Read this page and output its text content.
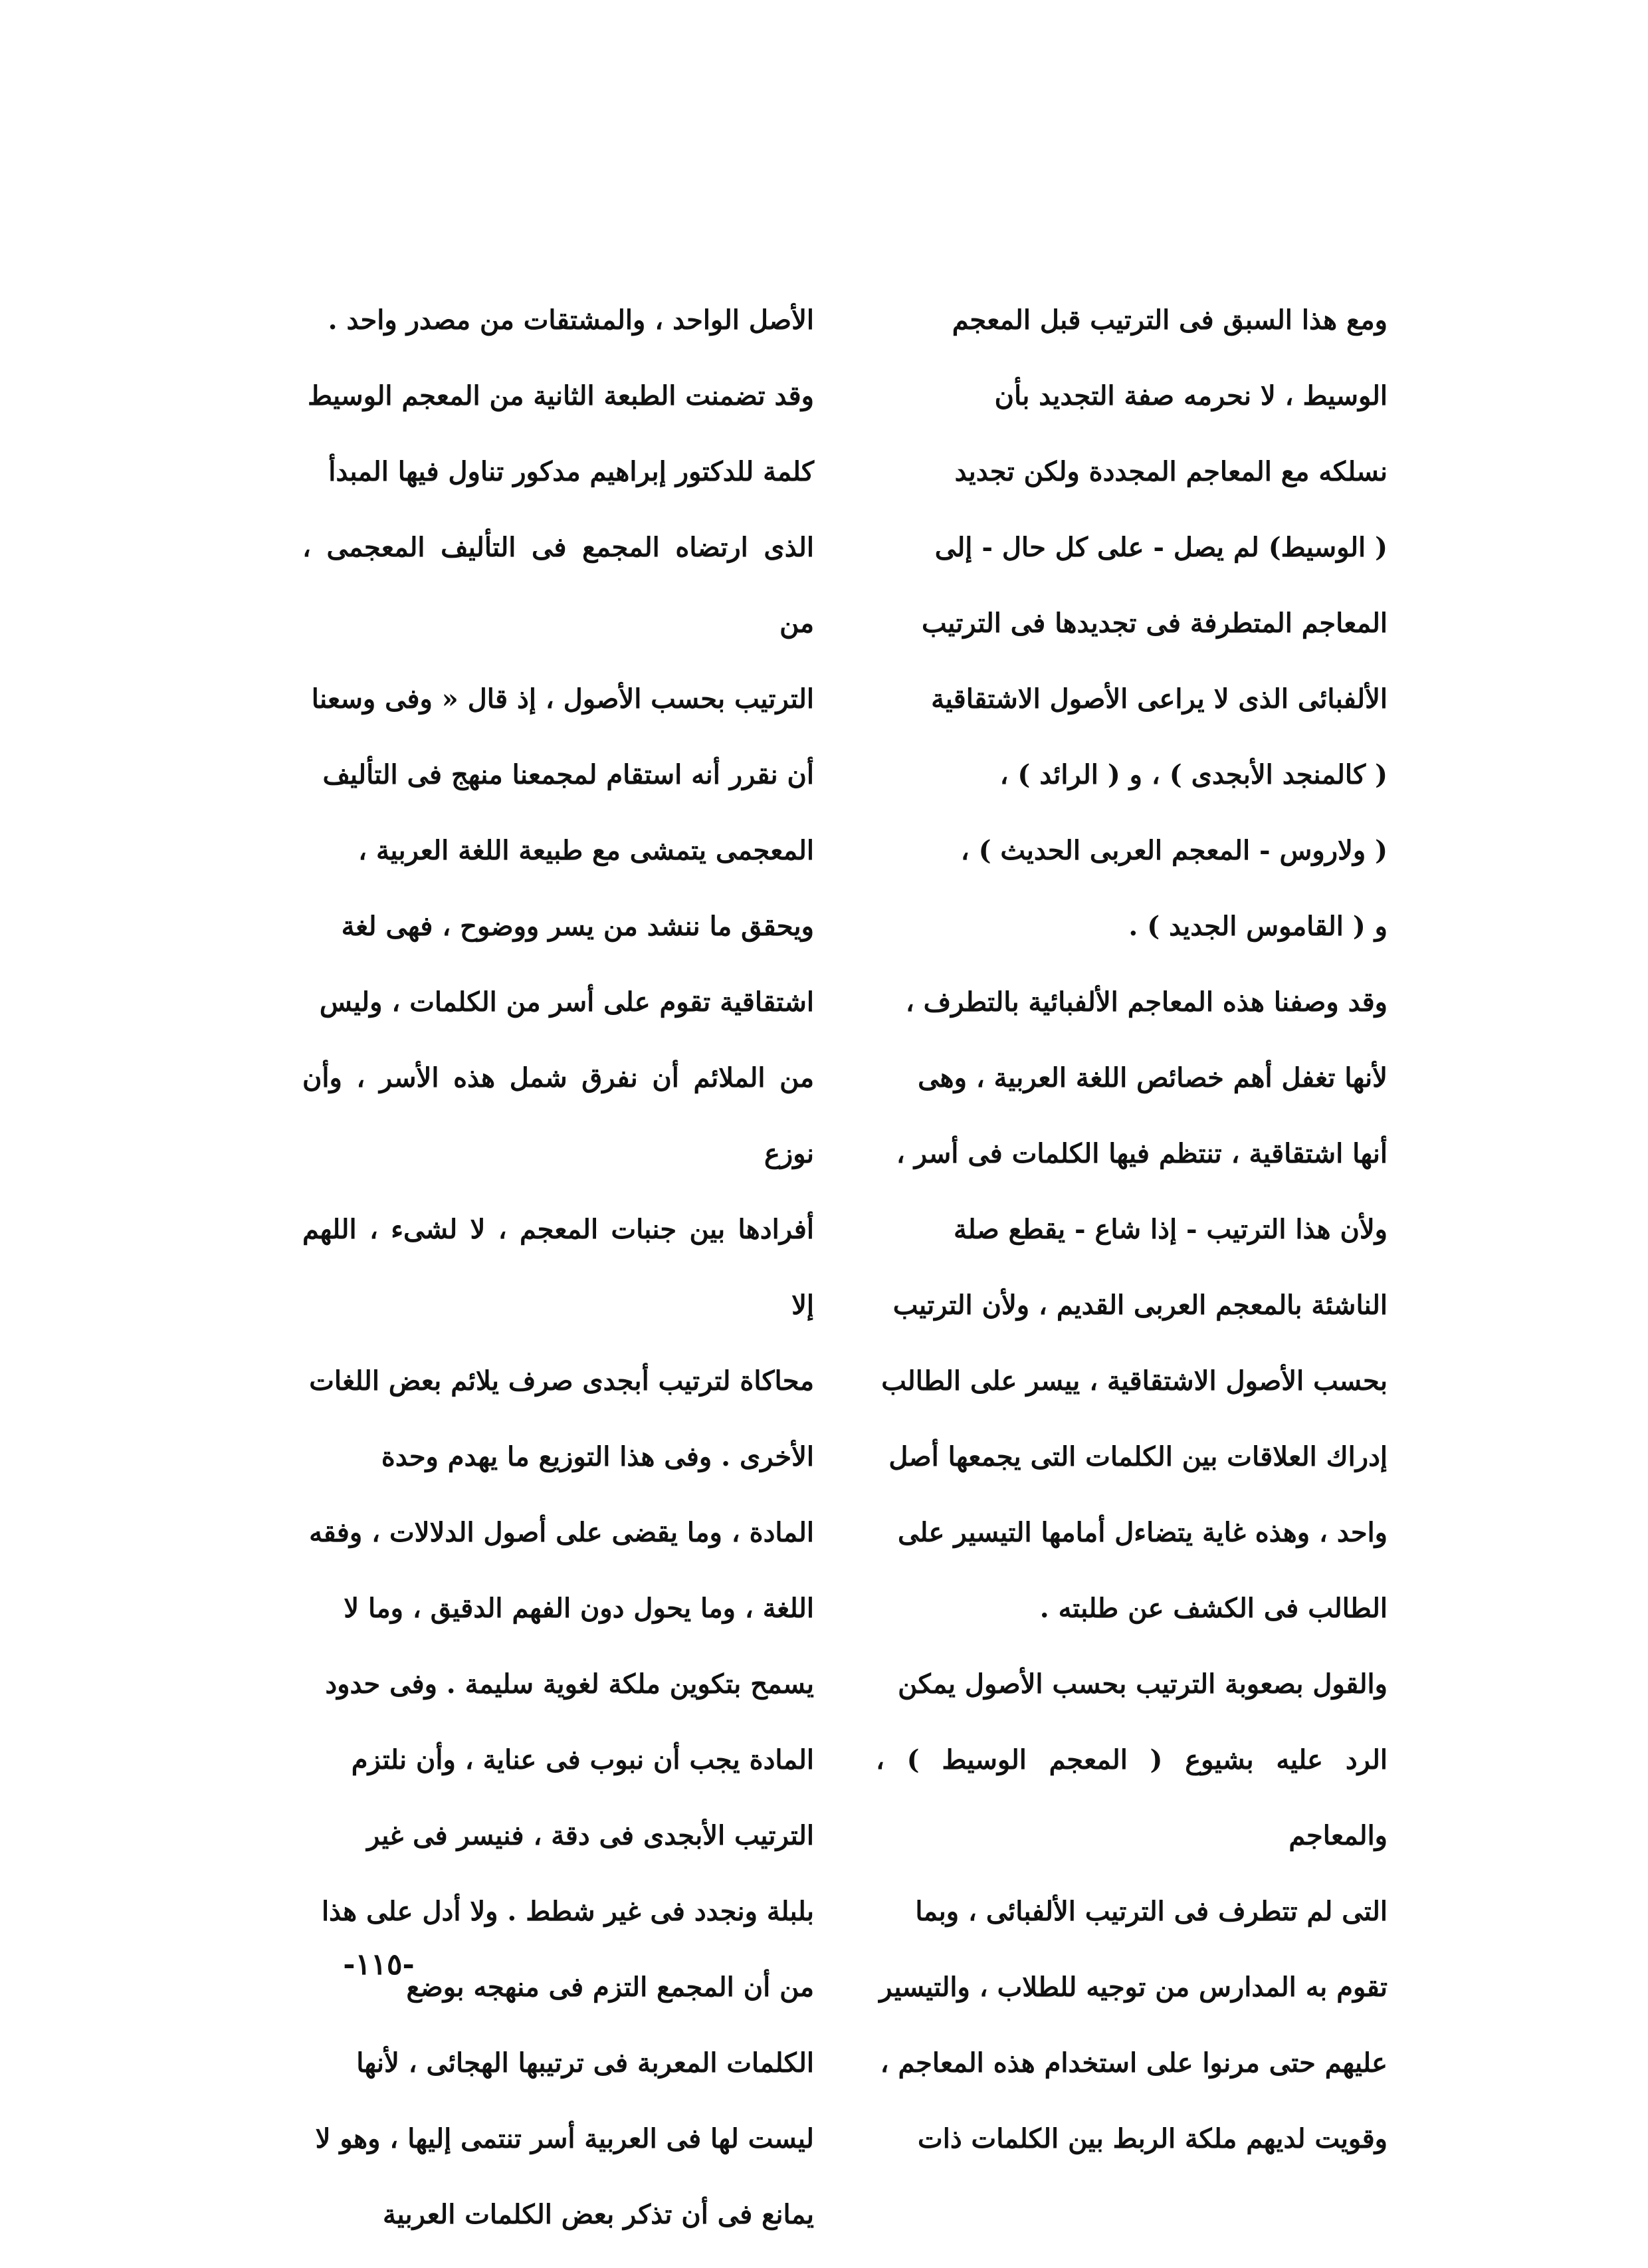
ومع هذا السبق فى الترتيب قبل المعجم

الوسيط ، لا نحرمه صفة التجديد بأن

نسلكه مع المعاجم المجددة ولكن تجديد

( الوسيط) لم يصل - على كل حال - إلى

المعاجم المتطرفة فى تجديدها فى الترتيب

الألفبائى الذى لا يراعى الأصول الاشتقاقية

( كالمنجد الأبجدى ) ، و ( الرائد ) ،

( ولاروس - المعجم العربى الحديث ) ،

و ( القاموس الجديد ) .

وقد وصفنا هذه المعاجم الألفبائية بالتطرف ،

لأنها تغفل أهم خصائص اللغة العربية ، وهى

أنها اشتقاقية ، تنتظم فيها الكلمات فى أسر ،

ولأن هذا الترتيب - إذا شاع - يقطع صلة

الناشئة بالمعجم العربى القديم ، ولأن الترتيب

بحسب الأصول الاشتقاقية ، ييسر على الطالب

إدراك العلاقات بين الكلمات التى يجمعها أصل

واحد ، وهذه غاية يتضاءل أمامها التيسير على

الطالب فى الكشف عن طلبته .

والقول بصعوبة الترتيب بحسب الأصول يمكن

الرد عليه بشيوع ( المعجم الوسيط ) ، والمعاجم

التى لم تتطرف فى الترتيب الألفبائى ، وبما

تقوم به المدارس من توجيه للطلاب ، والتيسير

عليهم حتى مرنوا على استخدام هذه المعاجم ،

وقويت لديهم ملكة الربط بين الكلمات ذات

الأصل الواحد ، والمشتقات من مصدر واحد .

وقد تضمنت الطبعة الثانية من المعجم الوسيط

كلمة للدكتور إبراهيم مدكور تناول فيها المبدأ

الذى ارتضاه المجمع فى التأليف المعجمى ، من

الترتيب بحسب الأصول ، إذ قال « وفى وسعنا

أن نقرر أنه استقام لمجمعنا منهج فى التأليف

المعجمى يتمشى مع طبيعة اللغة العربية ،

ويحقق ما ننشد من يسر ووضوح ، فهى لغة

اشتقاقية تقوم على أسر من الكلمات ، وليس

من الملائم أن نفرق شمل هذه الأسر ، وأن نوزع

أفرادها بين جنبات المعجم ، لا لشىء ، اللهم إلا

محاكاة لترتيب أبجدى صرف يلائم بعض اللغات

الأخرى . وفى هذا التوزيع ما يهدم وحدة

المادة ، وما يقضى على أصول الدلالات ، وفقه

اللغة ، وما يحول دون الفهم الدقيق ، وما لا

يسمح بتكوين ملكة لغوية سليمة . وفى حدود

المادة يجب أن نبوب فى عناية ، وأن نلتزم

الترتيب الأبجدى فى دقة ، فنيسر فى غير

بلبلة ونجدد فى غير شطط . ولا أدل على هذا

من أن المجمع التزم فى منهجه بوضع

الكلمات المعربة فى ترتيبها الهجائى ، لأنها

ليست لها فى العربية أسر تنتمى إليها ، وهو لا

يمانع فى أن تذكر بعض الكلمات العربية

-١١٥-
